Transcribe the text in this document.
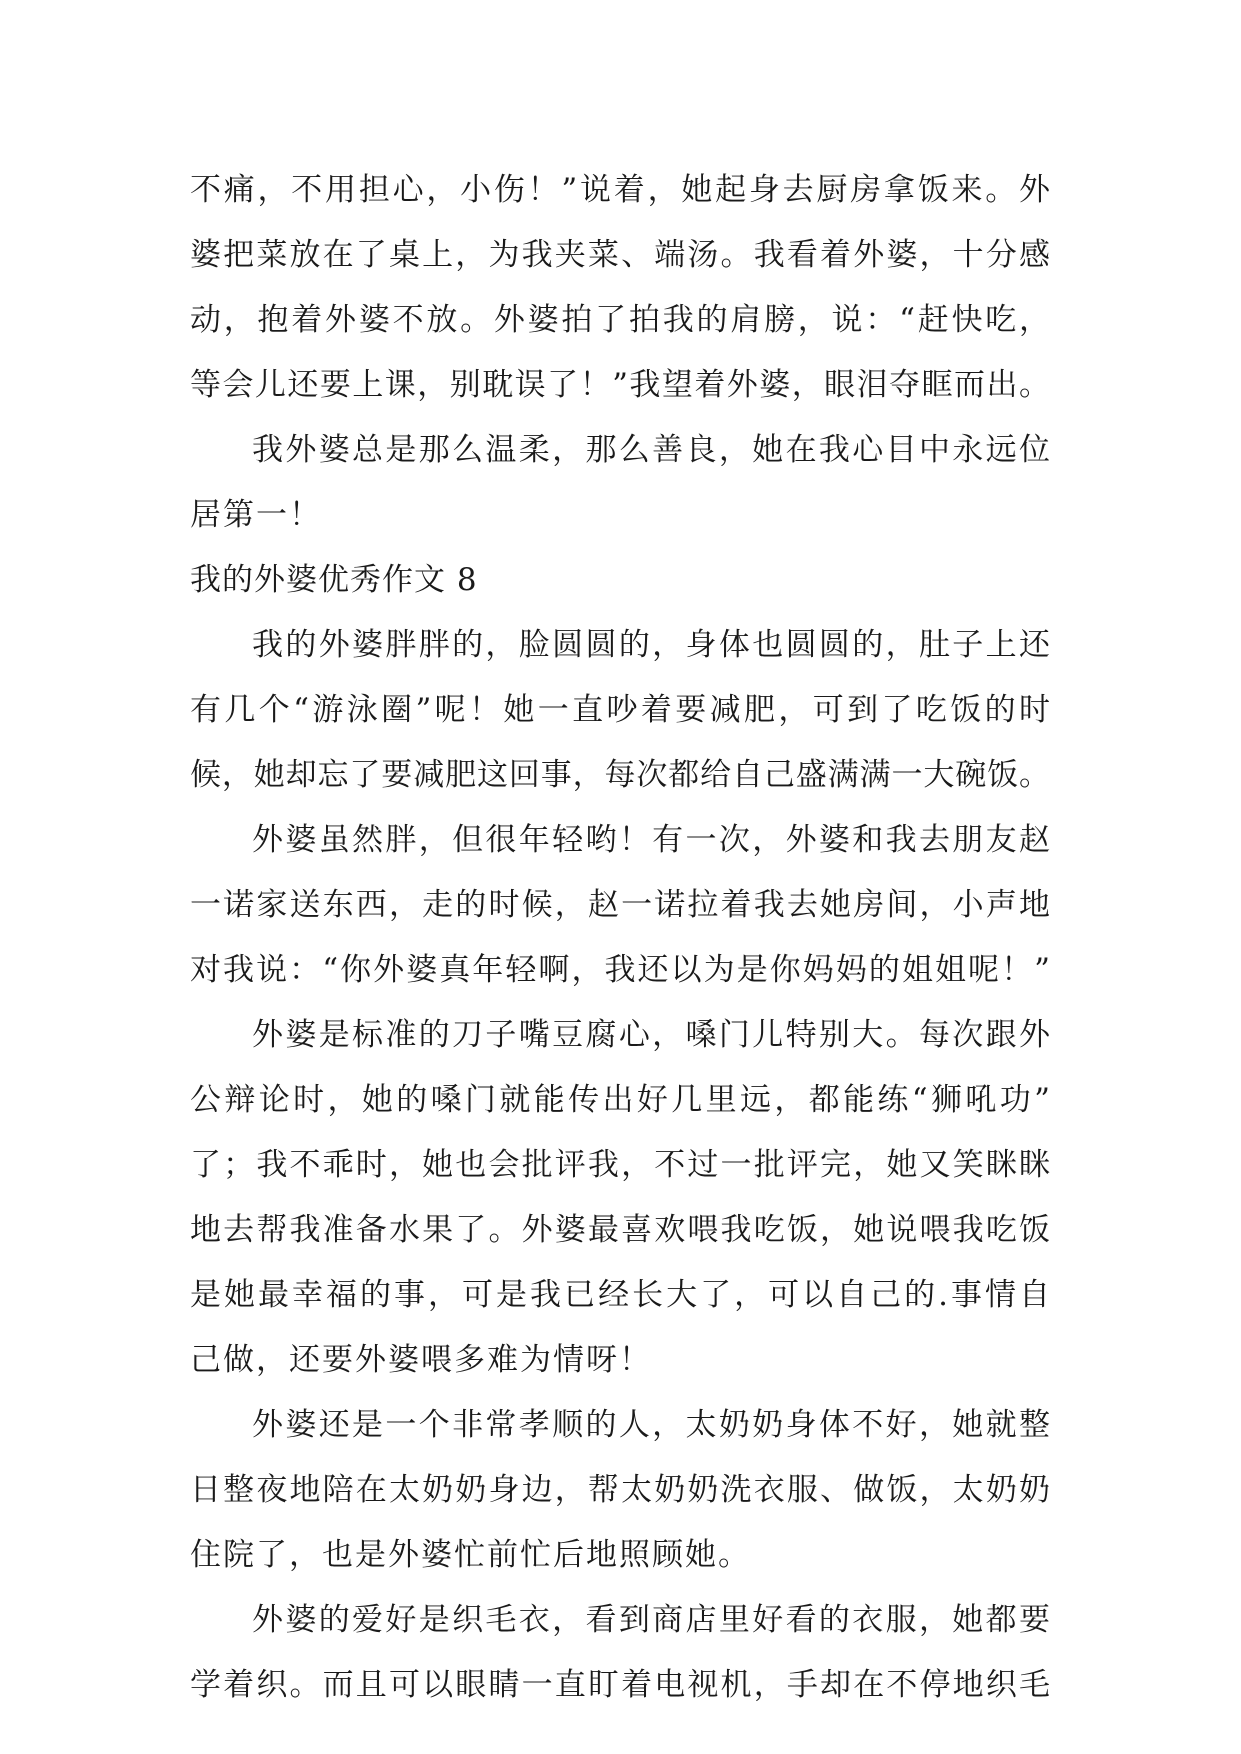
不痛，不用担心，小伤！”说着，她起身去厨房拿饭来。外
婆把菜放在了桌上，为我夹菜、端汤。我看着外婆，十分感
动，抱着外婆不放。外婆拍了拍我的肩膀，说：“赶快吃，
等会儿还要上课，别耽误了！”我望着外婆，眼泪夺眶而出。
我外婆总是那么温柔，那么善良，她在我心目中永远位
居第一！
我的外婆优秀作文 8
我的外婆胖胖的，脸圆圆的，身体也圆圆的，肚子上还
有几个“游泳圈”呢！她一直吵着要减肥，可到了吃饭的时
候，她却忘了要减肥这回事，每次都给自己盛满满一大碗饭。
外婆虽然胖，但很年轻哟！有一次，外婆和我去朋友赵
一诺家送东西，走的时候，赵一诺拉着我去她房间，小声地
对我说：“你外婆真年轻啊，我还以为是你妈妈的姐姐呢！”
外婆是标准的刀子嘴豆腐心，嗓门儿特别大。每次跟外
公辩论时，她的嗓门就能传出好几里远，都能练“狮吼功”
了；我不乖时，她也会批评我，不过一批评完，她又笑眯眯
地去帮我准备水果了。外婆最喜欢喂我吃饭，她说喂我吃饭
是她最幸福的事，可是我已经长大了，可以自己的.事情自
己做，还要外婆喂多难为情呀！
外婆还是一个非常孝顺的人，太奶奶身体不好，她就整
日整夜地陪在太奶奶身边，帮太奶奶洗衣服、做饭，太奶奶
住院了，也是外婆忙前忙后地照顾她。
外婆的爱好是织毛衣，看到商店里好看的衣服，她都要
学着织。而且可以眼睛一直盯着电视机，手却在不停地织毛
